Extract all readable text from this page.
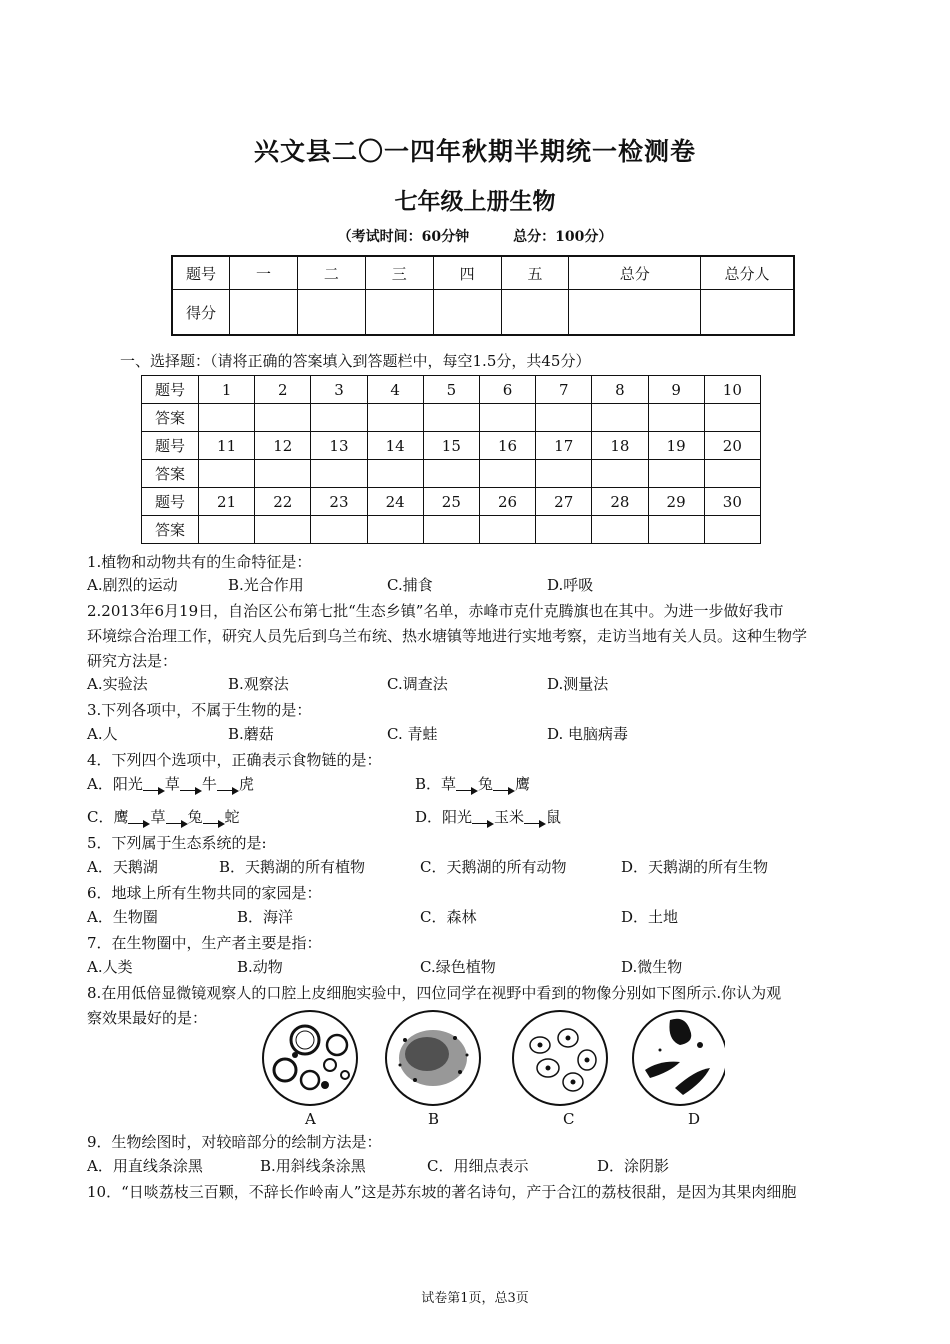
兴文县二〇一四年秋期半期统一检测卷
七年级上册生物
（考试时间：60分钟	总分：100分）
题号	一	二	三	四	五	总分	总分人
得分							
一、选择题：（请将正确的答案填入到答题栏中，每空1.5分，共45分）
题号	1	2	3	4	5	6	7	8	9	10
答案										
题号	11	12	13	14	15	16	17	18	19	20
答案										
题号	21	22	23	24	25	26	27	28	29	30
答案										
1.植物和动物共有的生命特征是：
A.剧烈的运动	B.光合作用	C.捕食	D.呼吸
2.2013年6月19日，自治区公布第七批“生态乡镇”名单，赤峰市克什克腾旗也在其中。为进一步做好我市
环境综合治理工作，研究人员先后到乌兰布统、热水塘镇等地进行实地考察，走访当地有关人员。这种生物学
研究方法是：
A.实验法	B.观察法	C.调查法	D.测量法
3.下列各项中，不属于生物的是：
A.人	B.蘑菇	C. 青蛙	D. 电脑病毒
4．下列四个选项中，正确表示食物链的是：
A．阳光 草 牛 虎	B．草 兔 鹰
C．鹰 草 兔 蛇	D．阳光 玉米 鼠
5．下列属于生态系统的是:
A．天鹅湖	B．天鹅湖的所有植物	C．天鹅湖的所有动物	D．天鹅湖的所有生物
6．地球上所有生物共同的家园是：
A．生物圈	B．海洋	C．森林	D．土地
7．在生物圈中，生产者主要是指：
A.人类	B.动物	C.绿色植物	D.微生物
8.在用低倍显微镜观察人的口腔上皮细胞实验中，四位同学在视野中看到的物像分别如下图所示.你认为观
察效果最好的是：
A	B	C	D
9．生物绘图时，对较暗部分的绘制方法是：
A．用直线条涂黑	B.用斜线条涂黑	C．用细点表示	D．涂阴影
10．“日啖荔枝三百颗，不辞长作岭南人”这是苏东坡的著名诗句，产于合江的荔枝很甜，是因为其果肉细胞
试卷第1页，总3页
